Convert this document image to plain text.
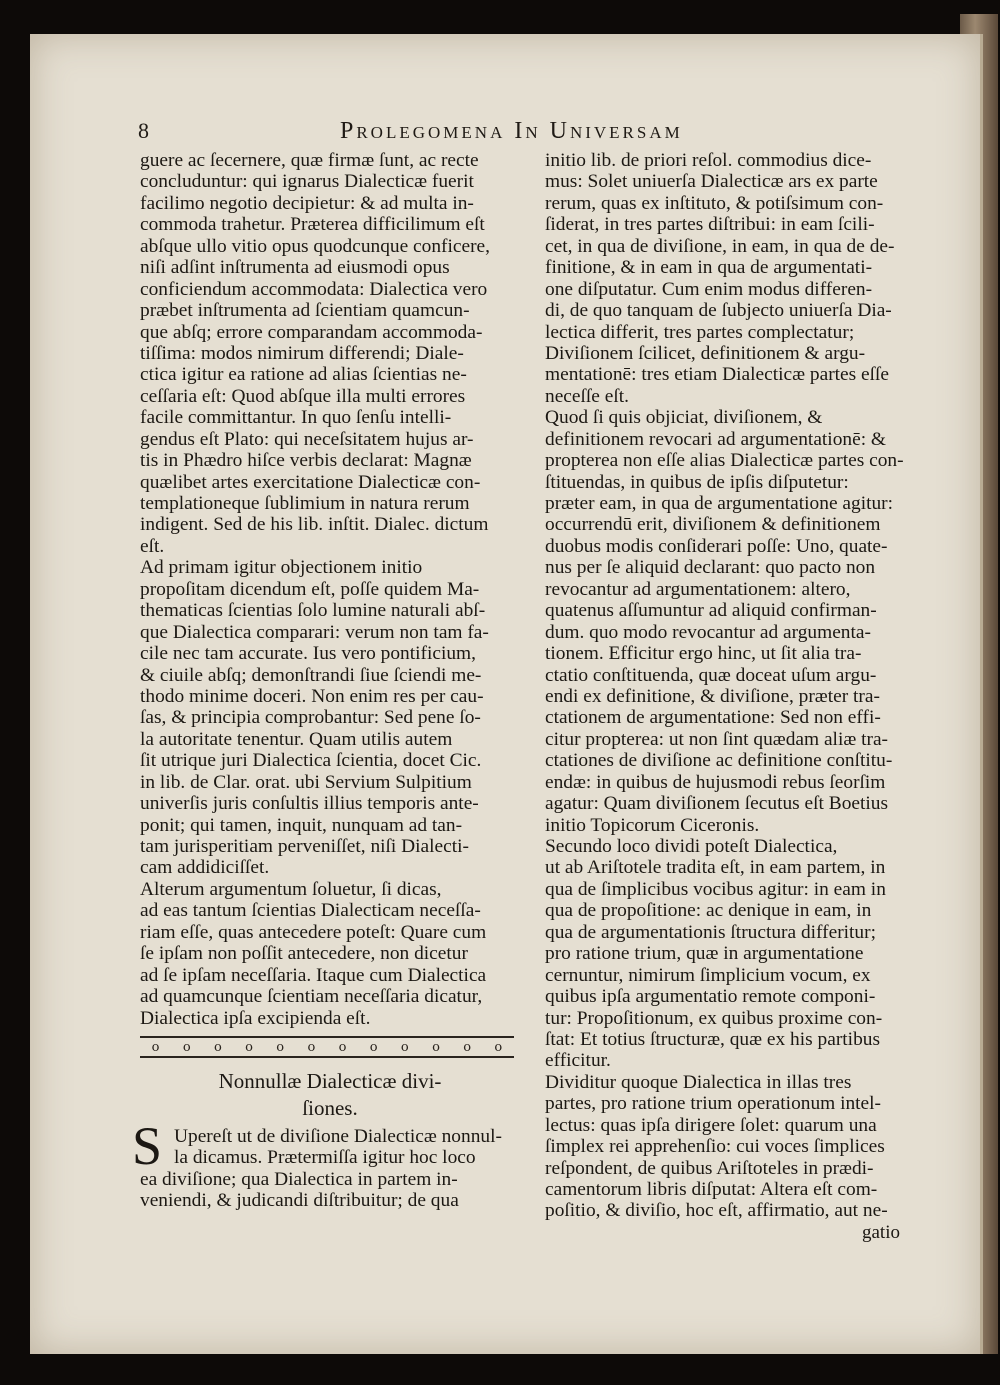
8	Prolegomena In Universam
guere ac ſecernere, quæ firmæ ſunt, ac recte
concluduntur: qui ignarus Dialecticæ fuerit
facilimo negotio decipietur: & ad multa in-
commoda trahetur. Præterea difficilimum eſt
abſque ullo vitio opus quodcunque conficere,
niſi adſint inſtrumenta ad eiusmodi opus
conficiendum accommodata: Dialectica vero
præbet inſtrumenta ad ſcientiam quamcun-
que abſq; errore comparandam accommoda-
tiſſima: modos nimirum differendi; Diale-
ctica igitur ea ratione ad alias ſcientias ne-
ceſſaria eſt: Quod abſque illa multi errores
facile committantur. In quo ſenſu intelli-
gendus eſt Plato: qui neceſsitatem hujus ar-
tis in Phædro hiſce verbis declarat: Magnæ
quælibet artes exercitatione Dialecticæ con-
templationeque ſublimium in natura rerum
indigent. Sed de his lib. inſtit. Dialec. dictum
eſt.
Ad primam igitur objectionem initio
propoſitam dicendum eſt, poſſe quidem Ma-
thematicas ſcientias ſolo lumine naturali abſ-
que Dialectica comparari: verum non tam fa-
cile nec tam accurate. Ius vero pontificium,
& ciuile abſq; demonſtrandi ſiue ſciendi me-
thodo minime doceri. Non enim res per cau-
ſas, & principia comprobantur: Sed pene ſo-
la autoritate tenentur. Quam utilis autem
ſit utrique juri Dialectica ſcientia, docet Cic.
in lib. de Clar. orat. ubi Servium Sulpitium
univerſis juris conſultis illius temporis ante-
ponit; qui tamen, inquit, nunquam ad tan-
tam jurisperitiam perveniſſet, niſi Dialecti-
cam addidiciſſet.
Alterum argumentum ſoluetur, ſi dicas,
ad eas tantum ſcientias Dialecticam neceſſa-
riam eſſe, quas antecedere poteſt: Quare cum
ſe ipſam non poſſit antecedere, non dicetur
ad ſe ipſam neceſſaria. Itaque cum Dialectica
ad quamcunque ſcientiam neceſſaria dicatur,
Dialectica ipſa excipienda eſt.
o o o o o o o o o o o o
Nonnullæ Dialecticæ divi-
ſiones.
S Upereſt ut de diviſione Dialecticæ nonnul-
la dicamus. Prætermiſſa igitur hoc loco
ea diviſione; qua Dialectica in partem in-
veniendi, & judicandi diſtribuitur; de qua
initio lib. de priori reſol. commodius dice-
mus: Solet uniuerſa Dialecticæ ars ex parte
rerum, quas ex inſtituto, & potiſsimum con-
ſiderat, in tres partes diſtribui: in eam ſcili-
cet, in qua de diviſione, in eam, in qua de de-
finitione, & in eam in qua de argumentati-
one diſputatur. Cum enim modus differen-
di, de quo tanquam de ſubjecto uniuerſa Dia-
lectica differit, tres partes complectatur;
Diviſionem ſcilicet, definitionem & argu-
mentationē: tres etiam Dialecticæ partes eſſe
neceſſe eſt.
Quod ſi quis objiciat, diviſionem, &
definitionem revocari ad argumentationē: &
propterea non eſſe alias Dialecticæ partes con-
ſtituendas, in quibus de ipſis diſputetur:
præter eam, in qua de argumentatione agitur:
occurrendū erit, diviſionem & definitionem
duobus modis conſiderari poſſe: Uno, quate-
nus per ſe aliquid declarant: quo pacto non
revocantur ad argumentationem: altero,
quatenus aſſumuntur ad aliquid confirman-
dum. quo modo revocantur ad argumenta-
tionem. Efficitur ergo hinc, ut ſit alia tra-
ctatio conſtituenda, quæ doceat uſum argu-
endi ex definitione, & diviſione, præter tra-
ctationem de argumentatione: Sed non effi-
citur propterea: ut non ſint quædam aliæ tra-
ctationes de diviſione ac definitione conſtitu-
endæ: in quibus de hujusmodi rebus ſeorſim
agatur: Quam diviſionem ſecutus eſt Boetius
initio Topicorum Ciceronis.
Secundo loco dividi poteſt Dialectica,
ut ab Ariſtotele tradita eſt, in eam partem, in
qua de ſimplicibus vocibus agitur: in eam in
qua de propoſitione: ac denique in eam, in
qua de argumentationis ſtructura differitur;
pro ratione trium, quæ in argumentatione
cernuntur, nimirum ſimplicium vocum, ex
quibus ipſa argumentatio remote componi-
tur: Propoſitionum, ex quibus proxime con-
ſtat: Et totius ſtructuræ, quæ ex his partibus
efficitur.
Dividitur quoque Dialectica in illas tres
partes, pro ratione trium operationum intel-
lectus: quas ipſa dirigere ſolet: quarum una
ſimplex rei apprehenſio: cui voces ſimplices
reſpondent, de quibus Ariſtoteles in prædi-
camentorum libris diſputat: Altera eſt com-
poſitio, & diviſio, hoc eſt, affirmatio, aut ne-
gatio
